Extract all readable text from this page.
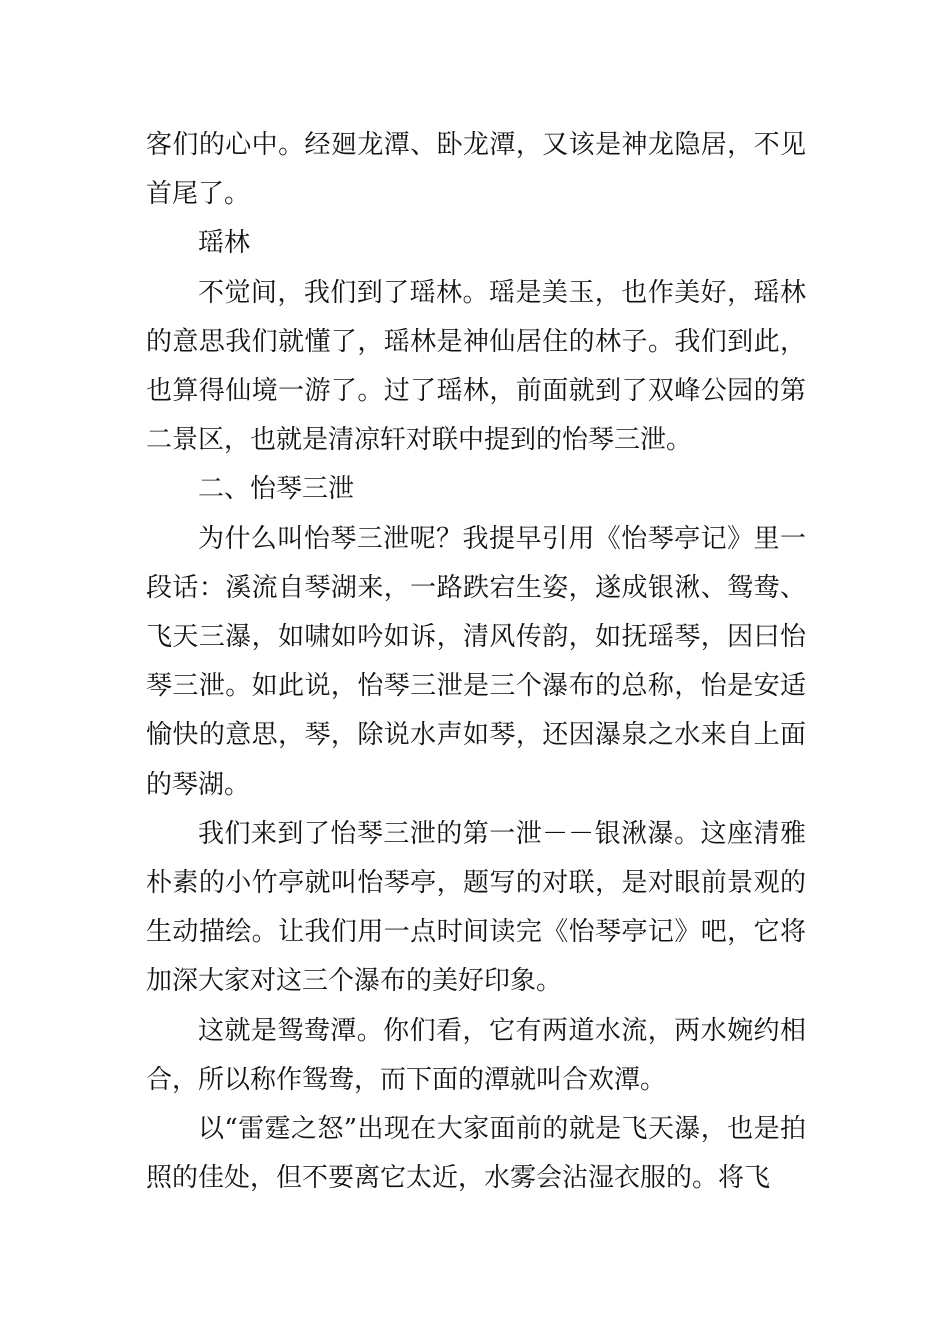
客们的心中。经廻龙潭、卧龙潭，又该是神龙隐居，不见首尾了。

瑶林

不觉间，我们到了瑶林。瑶是美玉，也作美好，瑶林的意思我们就懂了，瑶林是神仙居住的林子。我们到此，也算得仙境一游了。过了瑶林，前面就到了双峰公园的第二景区，也就是清凉轩对联中提到的怡琴三泄。

二、怡琴三泄

为什么叫怡琴三泄呢？我提早引用《怡琴亭记》里一段话：溪流自琴湖来，一路跌宕生姿，遂成银湫、鸳鸯、飞天三瀑，如啸如吟如诉，清风传韵，如抚瑶琴，因曰怡琴三泄。如此说，怡琴三泄是三个瀑布的总称，怡是安适愉快的意思，琴，除说水声如琴，还因瀑泉之水来自上面的琴湖。

我们来到了怡琴三泄的第一泄－－银湫瀑。这座清雅朴素的小竹亭就叫怡琴亭，题写的对联，是对眼前景观的生动描绘。让我们用一点时间读完《怡琴亭记》吧，它将加深大家对这三个瀑布的美好印象。

这就是鸳鸯潭。你们看，它有两道水流，两水婉约相合，所以称作鸳鸯，而下面的潭就叫合欢潭。

以“雷霆之怒”出现在大家面前的就是飞天瀑，也是拍照的佳处，但不要离它太近，水雾会沾湿衣服的。将飞
